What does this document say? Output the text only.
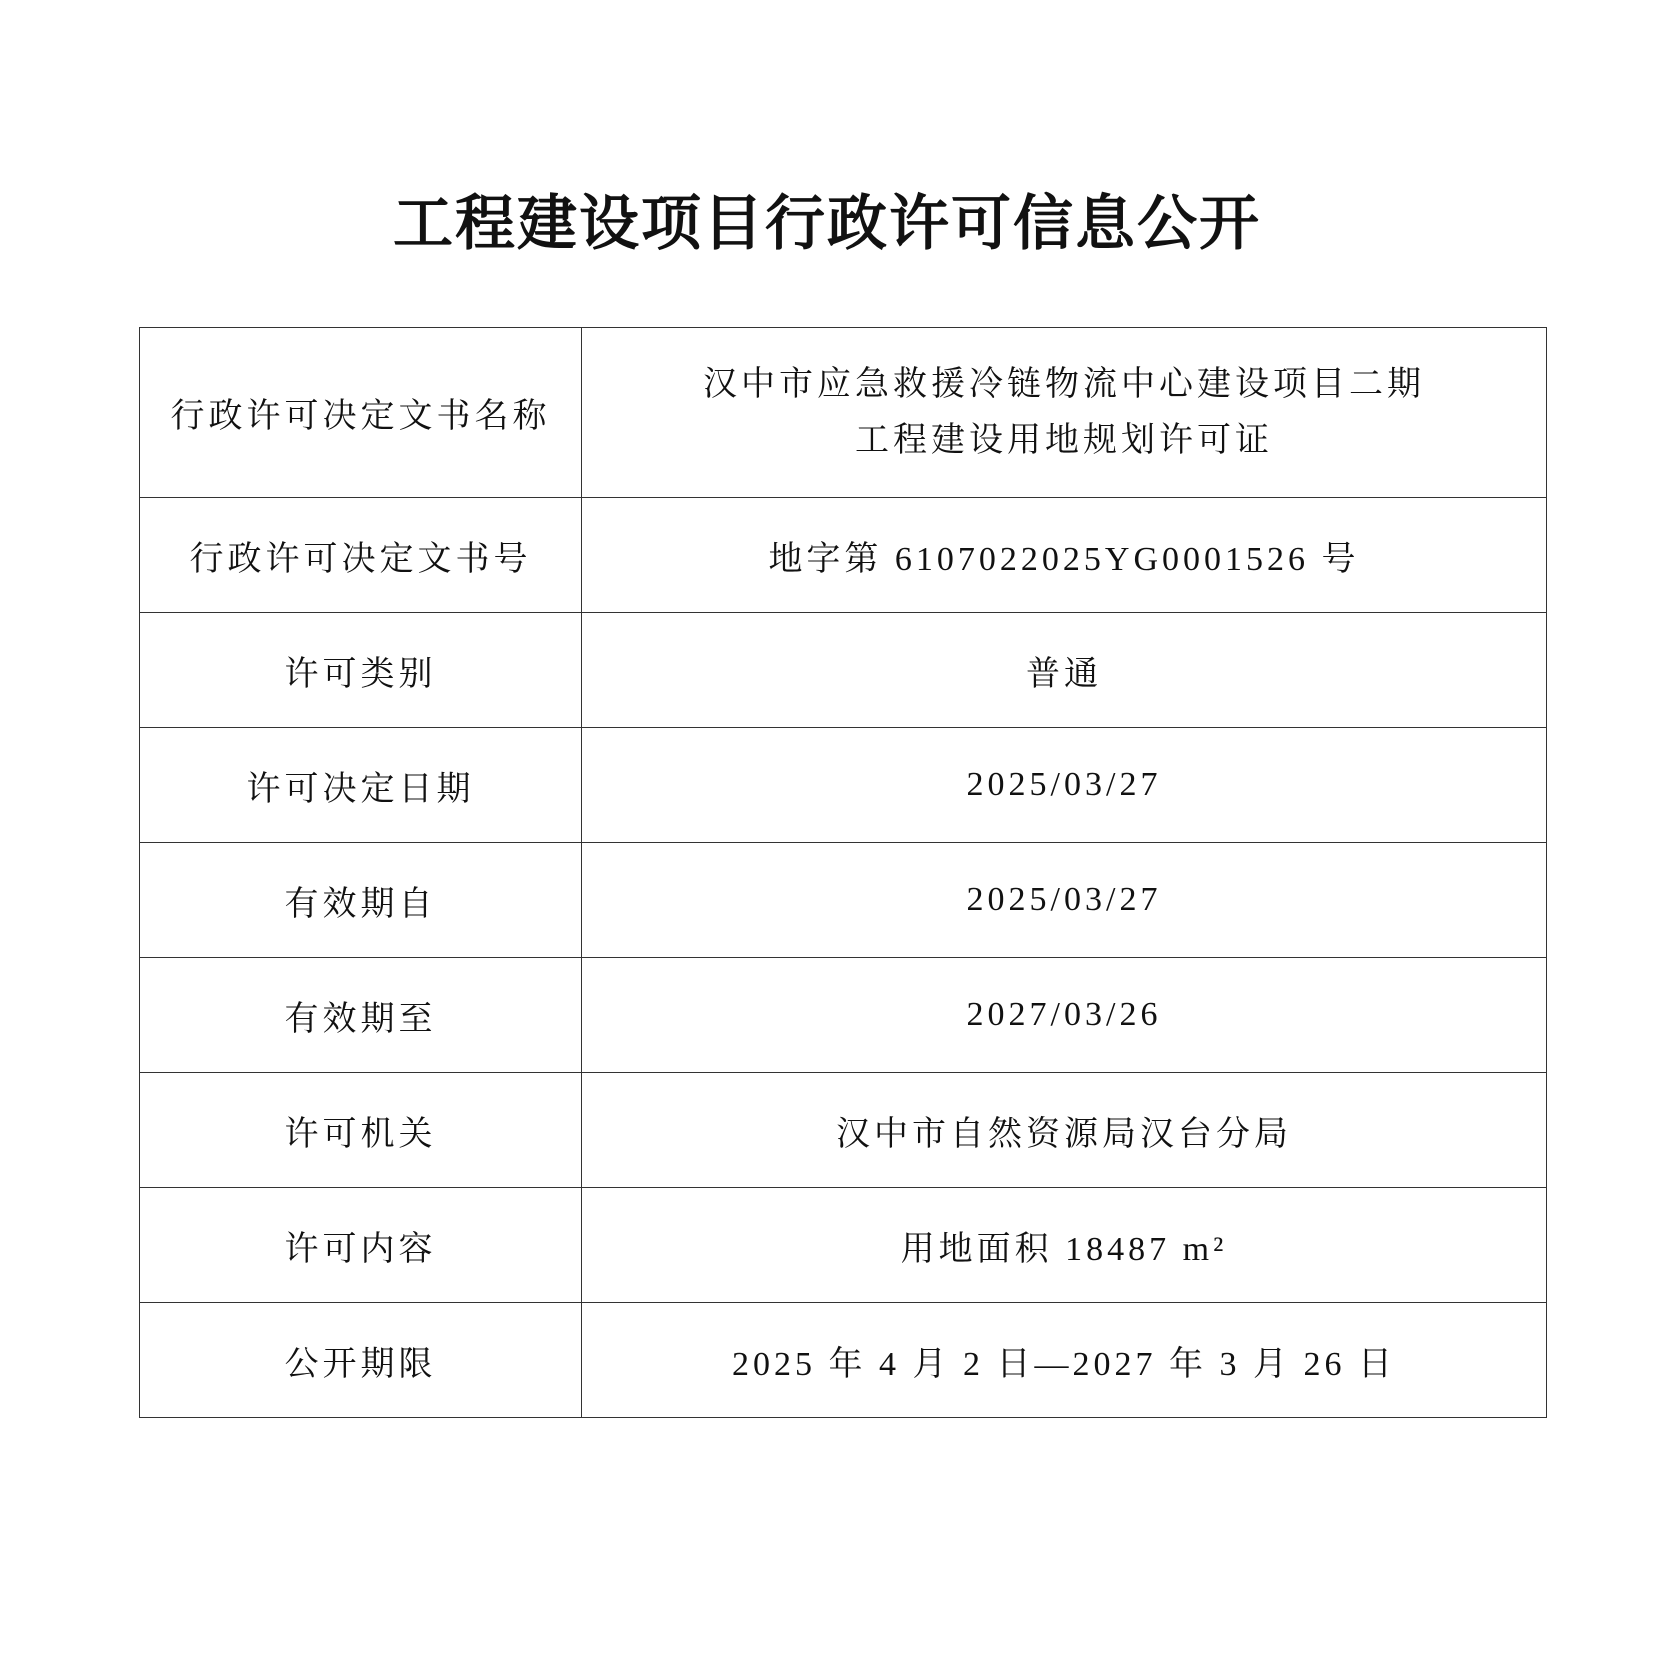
工程建设项目行政许可信息公开
行政许可决定文书名称	汉中市应急救援冷链物流中心建设项目二期
工程建设用地规划许可证

行政许可决定文书号	地字第 6107022025YG0001526 号
许可类别	普通
许可决定日期	2025/03/27
有效期自	2025/03/27
有效期至	2027/03/26
许可机关	汉中市自然资源局汉台分局
许可内容	用地面积 18487 m²
公开期限	2025 年 4 月 2 日—2027 年 3 月 26 日
